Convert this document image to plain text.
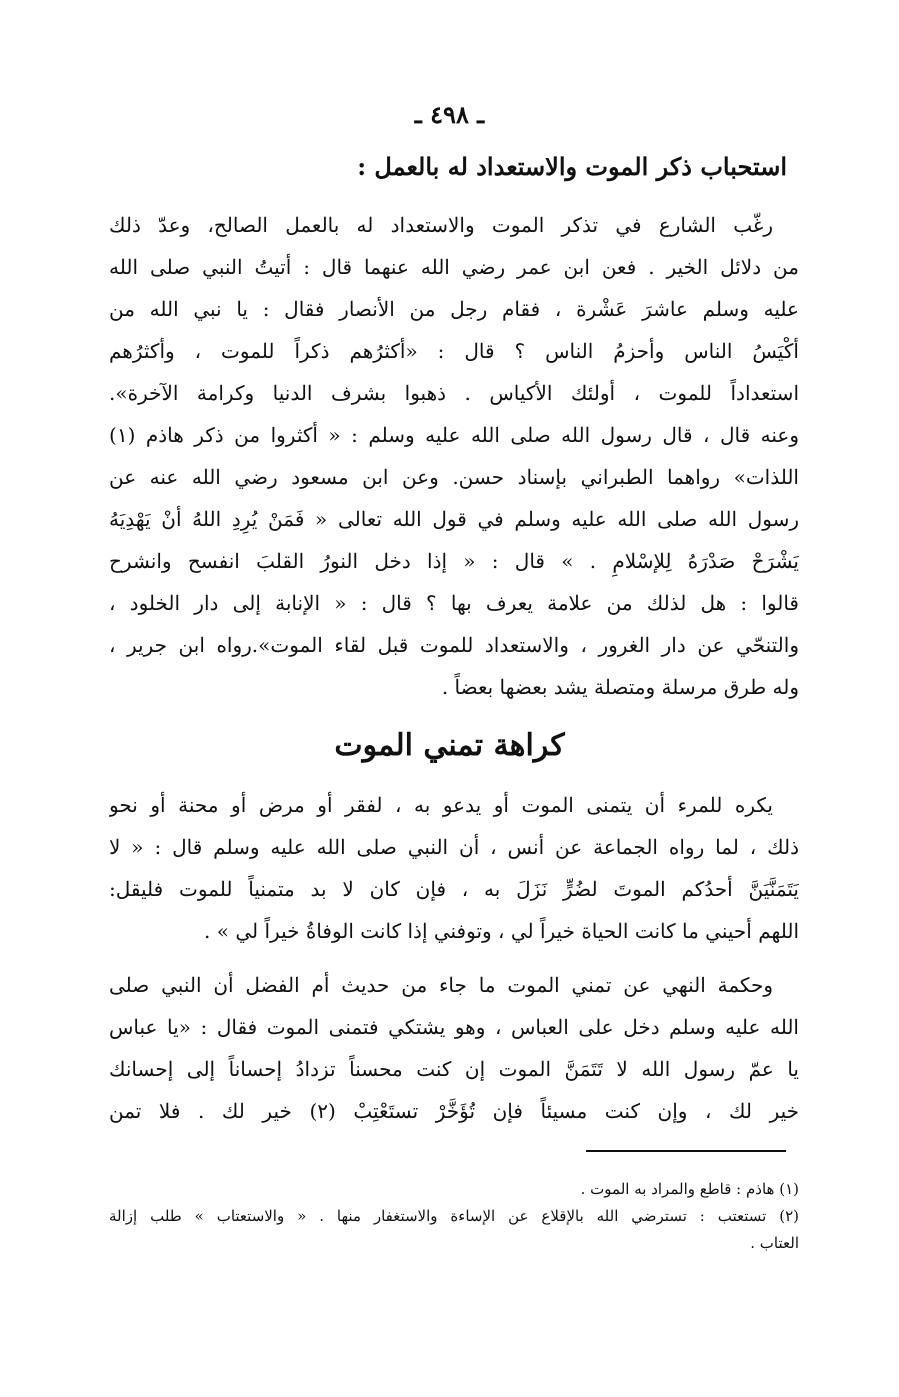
ـ ٤٩٨ ـ
استحباب ذكر الموت والاستعداد له بالعمل :
رغّب الشارع في تذكر الموت والاستعداد له بالعمل الصالح، وعدّ ذلك
من دلائل الخير . فعن ابن عمر رضي الله عنهما قال : أتيتُ النبي صلى الله
عليه وسلم عاشرَ عَشْرة ، فقام رجل من الأنصار فقال : يا نبي الله من
أكْيَسُ الناس وأحزمُ الناس ؟ قال : «أكثرُهم ذكراً للموت ، وأكثرُهم
استعداداً للموت ، أولئك الأكياس . ذهبوا بشرف الدنيا وكرامة الآخرة».
وعنه قال ، قال رسول الله صلى الله عليه وسلم : « أكثروا من ذكر هاذم (١)
اللذات» رواهما الطبراني بإسناد حسن. وعن ابن مسعود رضي الله عنه عن
رسول الله صلى الله عليه وسلم في قول الله تعالى « فَمَنْ يُرِدِ اللهُ أنْ يَهْدِيَهُ
يَشْرَحْ صَدْرَهُ لِلإسْلامِ . » قال : « إذا دخل النورُ القلبَ انفسح وانشرح
قالوا : هل لذلك من علامة يعرف بها ؟ قال : « الإنابة إلى دار الخلود ،
والتنحّي عن دار الغرور ، والاستعداد للموت قبل لقاء الموت».رواه ابن جرير ،
وله طرق مرسلة ومتصلة يشد بعضها بعضاً .
كراهة تمني الموت
يكره للمرء أن يتمنى الموت أو يدعو به ، لفقر أو مرض أو محنة أو نحو
ذلك ، لما رواه الجماعة عن أنس ، أن النبي صلى الله عليه وسلم قال : « لا
يَتَمَنَّيَنَّ أحدُكم الموتَ لضُرٍّ نَزَلَ به ، فإن كان لا بد متمنياً للموت فليقل:
اللهم أحيني ما كانت الحياة خيراً لي ، وتوفني إذا كانت الوفاةُ خيراً لي » .
وحكمة النهي عن تمني الموت ما جاء من حديث أم الفضل أن النبي صلى
الله عليه وسلم دخل على العباس ، وهو يشتكي فتمنى الموت فقال : «يا عباس
يا عمّ رسول الله لا تَتَمَنَّ الموت إن كنت محسناً تزدادُ إحساناً إلى إحسانك
خير لك ، وإن كنت مسيئاً فإن تُؤَخَّرْ تستَعْتِبْ (٢) خير لك . فلا تمن
(١) هاذم : قاطع والمراد به الموت .
(٢) تستعتب : تسترضي الله بالإقلاع عن الإساءة والاستغفار منها . « والاستعتاب » طلب إزالة
العتاب .
